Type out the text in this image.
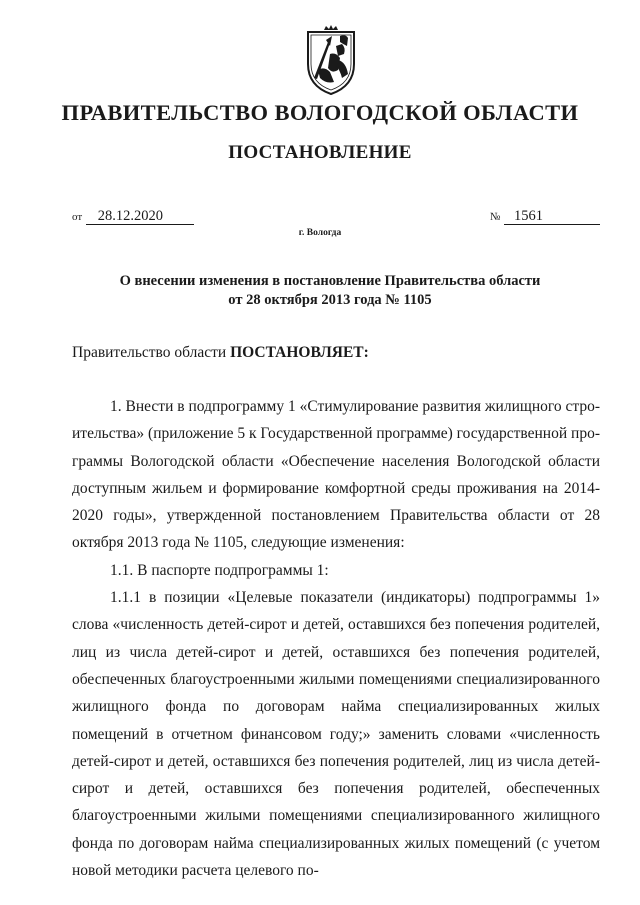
ПРАВИТЕЛЬСТВО ВОЛОГОДСКОЙ ОБЛАСТИ
ПОСТАНОВЛЕНИЕ
от 28.12.2020	№ 1561

г. Вологда

О внесении изменения в постановление Правительства области
от 28 октября 2013 года № 1105

Правительство области ПОСТАНОВЛЯЕТ:

1. Внести в подпрограмму 1 «Стимулирование развития жилищного строительства» (приложение 5 к Государственной программе) государственной программы Вологодской области «Обеспечение населения Вологодской области доступным жильем и формирование комфортной среды проживания на 2014-2020 годы», утвержденной постановлением Правительства области от 28 октября 2013 года № 1105, следующие изменения:

1.1. В паспорте подпрограммы 1:

1.1.1 в позиции «Целевые показатели (индикаторы) подпрограммы 1» слова «численность детей-сирот и детей, оставшихся без попечения родителей, лиц из числа детей-сирот и детей, оставшихся без попечения родителей, обеспеченных благоустроенными жилыми помещениями специализированного жилищного фонда по договорам найма специализированных жилых помещений в отчетном финансовом году;» заменить словами «численность детей-сирот и детей, оставшихся без попечения родителей, лиц из числа детей-сирот и детей, оставшихся без попечения родителей, обеспеченных благоустроенными жилыми помещениями специализированного жилищного фонда по договорам найма специализированных жилых помещений (с учетом новой методики расчета целевого по-
